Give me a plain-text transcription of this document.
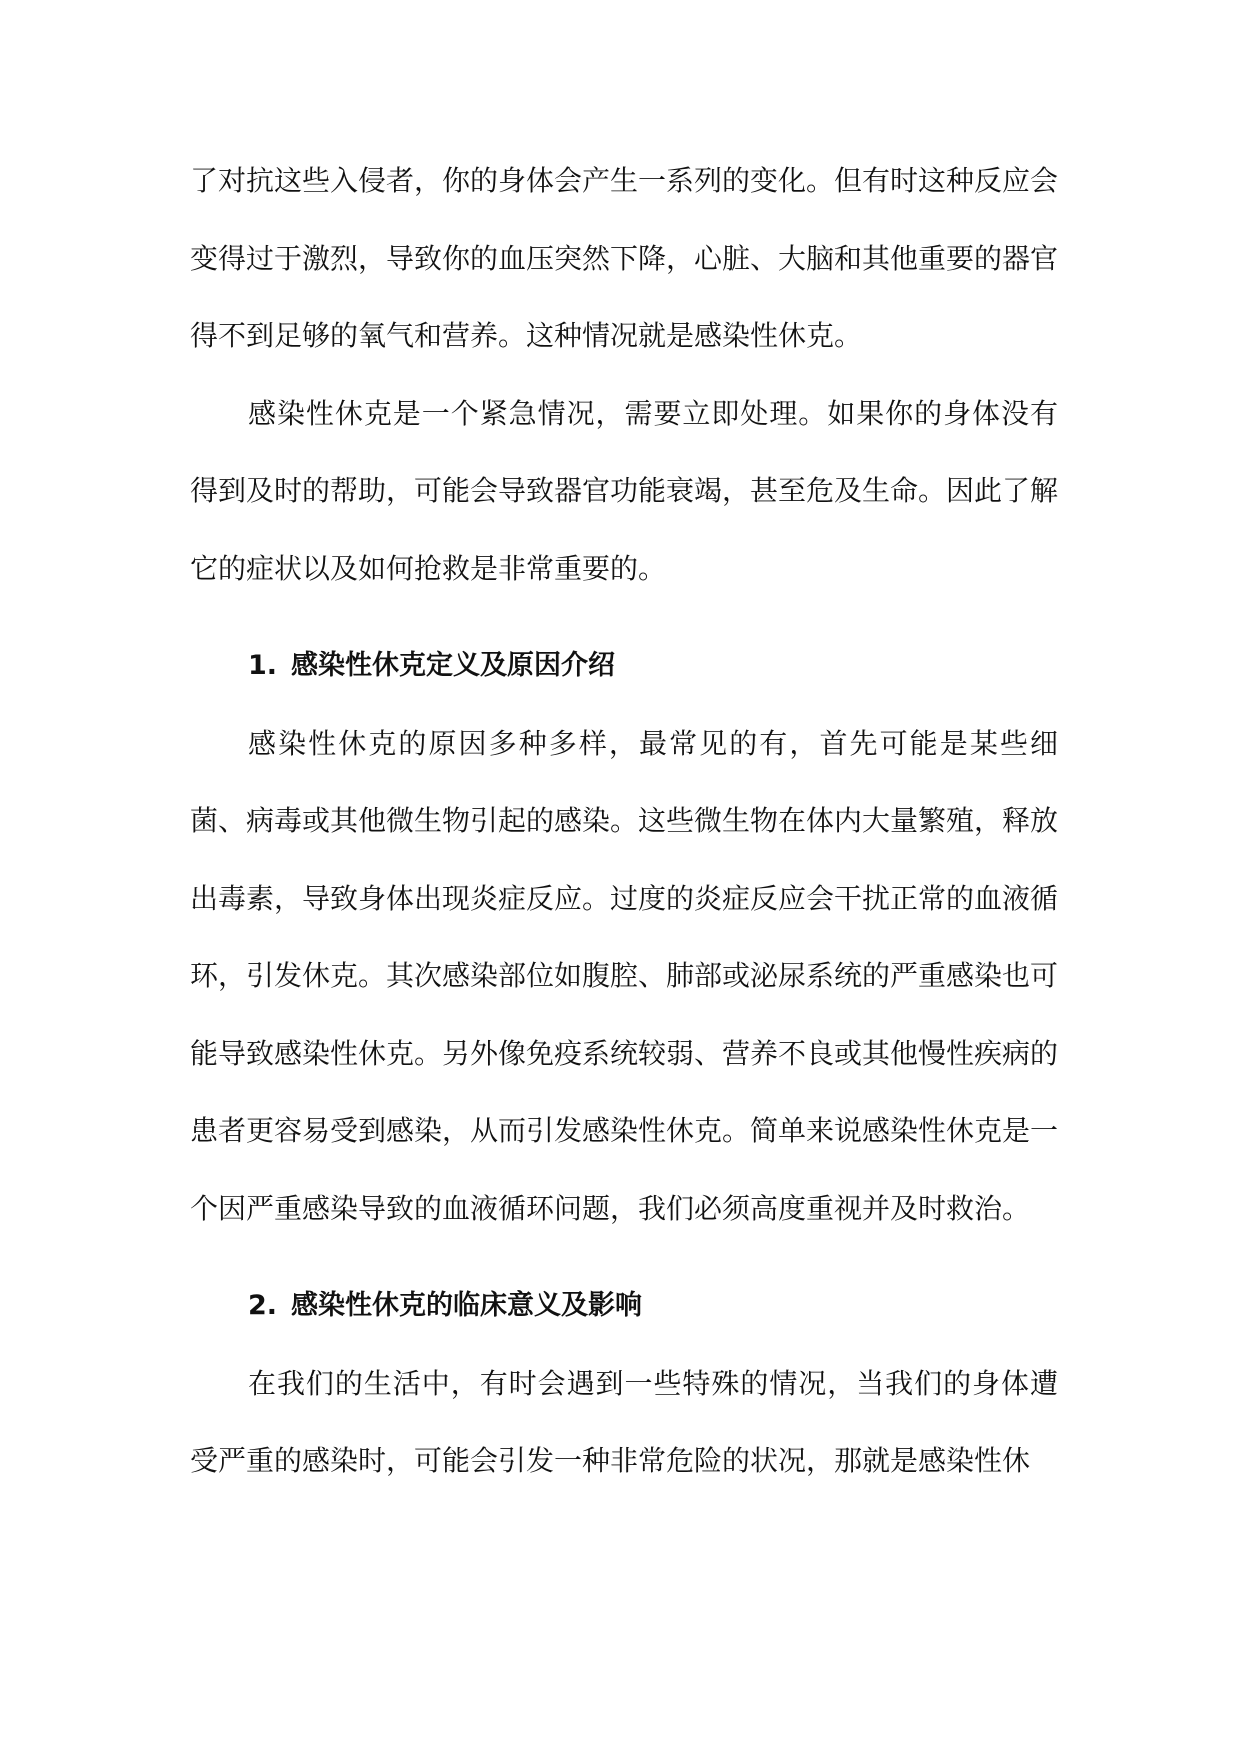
了对抗这些入侵者，你的身体会产生一系列的变化。但有时这种反应会变得过于激烈，导致你的血压突然下降，心脏、大脑和其他重要的器官得不到足够的氧气和营养。这种情况就是感染性休克。

感染性休克是一个紧急情况，需要立即处理。如果你的身体没有得到及时的帮助，可能会导致器官功能衰竭，甚至危及生命。因此了解它的症状以及如何抢救是非常重要的。

1. 感染性休克定义及原因介绍

感染性休克的原因多种多样，最常见的有，首先可能是某些细菌、病毒或其他微生物引起的感染。这些微生物在体内大量繁殖，释放出毒素，导致身体出现炎症反应。过度的炎症反应会干扰正常的血液循环，引发休克。其次感染部位如腹腔、肺部或泌尿系统的严重感染也可能导致感染性休克。另外像免疫系统较弱、营养不良或其他慢性疾病的患者更容易受到感染，从而引发感染性休克。简单来说感染性休克是一个因严重感染导致的血液循环问题，我们必须高度重视并及时救治。

2. 感染性休克的临床意义及影响

在我们的生活中，有时会遇到一些特殊的情况，当我们的身体遭受严重的感染时，可能会引发一种非常危险的状况，那就是感染性休
